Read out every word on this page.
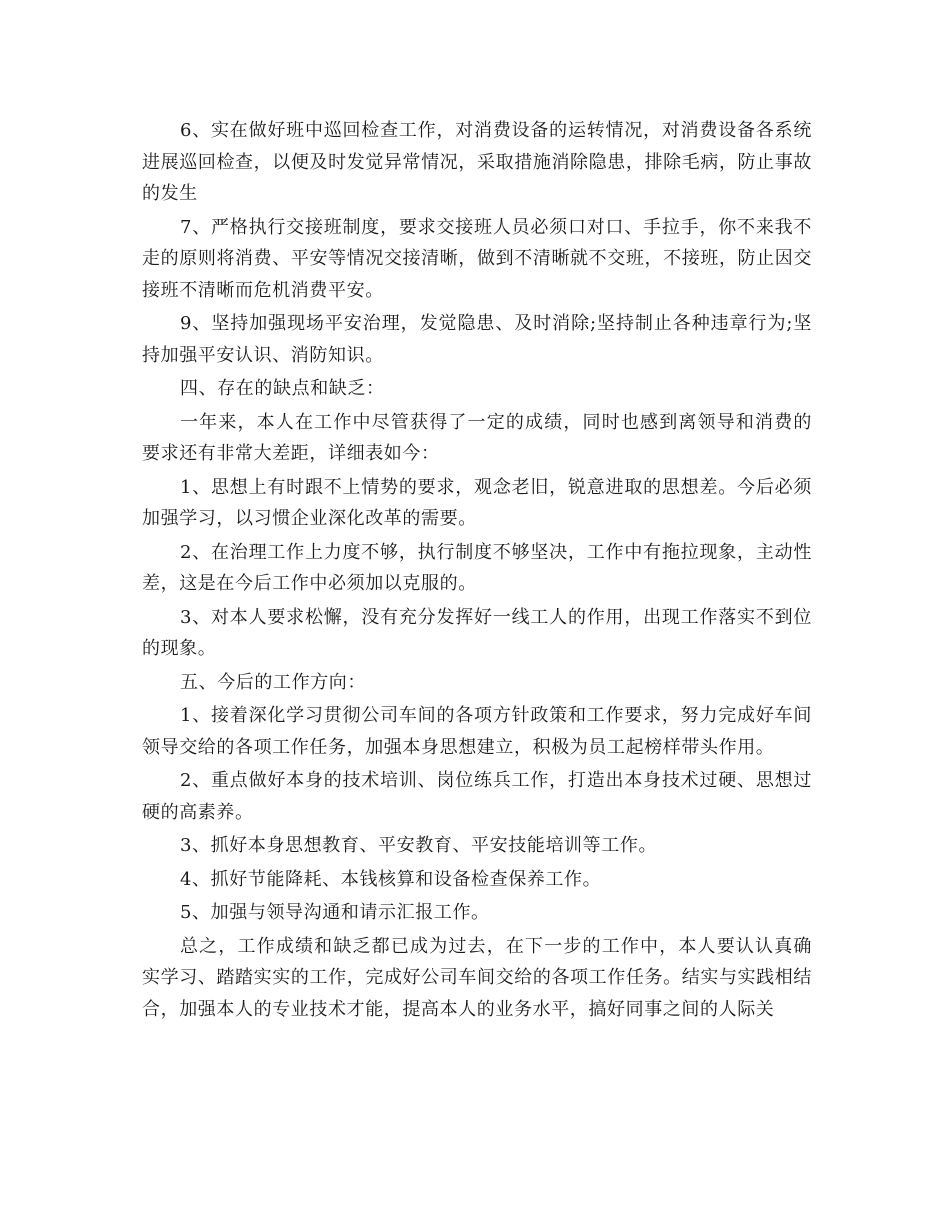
6、实在做好班中巡回检查工作，对消费设备的运转情况，对消费设备各系统进展巡回检查，以便及时发觉异常情况，采取措施消除隐患，排除毛病，防止事故的发生

7、严格执行交接班制度，要求交接班人员必须口对口、手拉手，你不来我不走的原则将消费、平安等情况交接清晰，做到不清晰就不交班，不接班，防止因交接班不清晰而危机消费平安。

9、坚持加强现场平安治理，发觉隐患、及时消除;坚持制止各种违章行为;坚持加强平安认识、消防知识。

四、存在的缺点和缺乏：

一年来，本人在工作中尽管获得了一定的成绩，同时也感到离领导和消费的要求还有非常大差距，详细表如今：

1、思想上有时跟不上情势的要求，观念老旧，锐意进取的思想差。今后必须加强学习，以习惯企业深化改革的需要。

2、在治理工作上力度不够，执行制度不够坚决，工作中有拖拉现象，主动性差，这是在今后工作中必须加以克服的。

3、对本人要求松懈，没有充分发挥好一线工人的作用，出现工作落实不到位的现象。

五、今后的工作方向：

1、接着深化学习贯彻公司车间的各项方针政策和工作要求，努力完成好车间领导交给的各项工作任务，加强本身思想建立，积极为员工起榜样带头作用。

2、重点做好本身的技术培训、岗位练兵工作，打造出本身技术过硬、思想过硬的高素养。

3、抓好本身思想教育、平安教育、平安技能培训等工作。

4、抓好节能降耗、本钱核算和设备检查保养工作。

5、加强与领导沟通和请示汇报工作。

总之，工作成绩和缺乏都已成为过去，在下一步的工作中，本人要认认真确实学习、踏踏实实的工作，完成好公司车间交给的各项工作任务。结实与实践相结合，加强本人的专业技术才能，提高本人的业务水平，搞好同事之间的人际关
